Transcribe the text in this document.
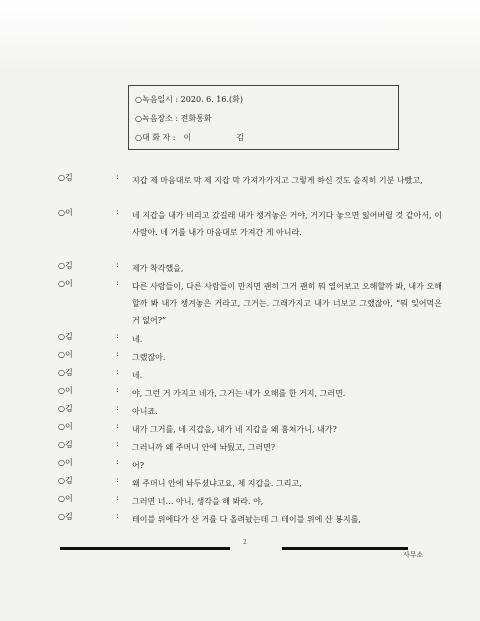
○녹음일시 : 2020. 6. 16.(화)
○녹음장소 : 전화통화
○대 화 자 : 이	김
○김	: 지갑 제 마음대로 막 제 지갑 막 가져가가지고 그렇게 하신 것도 솔직히 기분 나빴고,
○이	: 네 지갑을 내가 비리고 갔길래 내가 챙겨놓은 거야, 거기다 놓으면 잃어버릴 것 같아서, 이 사람아. 네 거를 내가 마음대로 가져간 게 아니라.
○김	: 제가 착각했을,
○이	: 다른 사람들이, 다른 사람들이 만지면 괜히 그거 괜히 뭐 열어보고 오해할까 봐, 내가 오해할까 봐 내가 챙겨놓은 거라고, 그거는. 그래가지고 내가 너보고 그랬잖아, “뭐 잊어먹은 거 없어?”
○김	: 네.
○이	: 그랬잖아.
○김	: 네.
○이	: 야, 그런 거 가지고 네가, 그거는 네가 오해를 한 거지, 그러면.
○김	: 아니죠.
○이	: 내가 그거를, 네 지갑을, 내가 네 지갑을 왜 훔쳐가니, 내가?
○김	: 그러니까 왜 주머니 안에 놔뒀고, 그러면?
○이	: 어?
○김	: 왜 주머니 안에 놔두셨냐고요, 제 지갑을. 그리고,
○이	: 그러면 너… 아니, 생각을 해 봐라. 야,
○김	: 테이블 위에다가 산 거를 다 올려놨는데 그 테이블 위에 산 봉지를,
2
사무소
